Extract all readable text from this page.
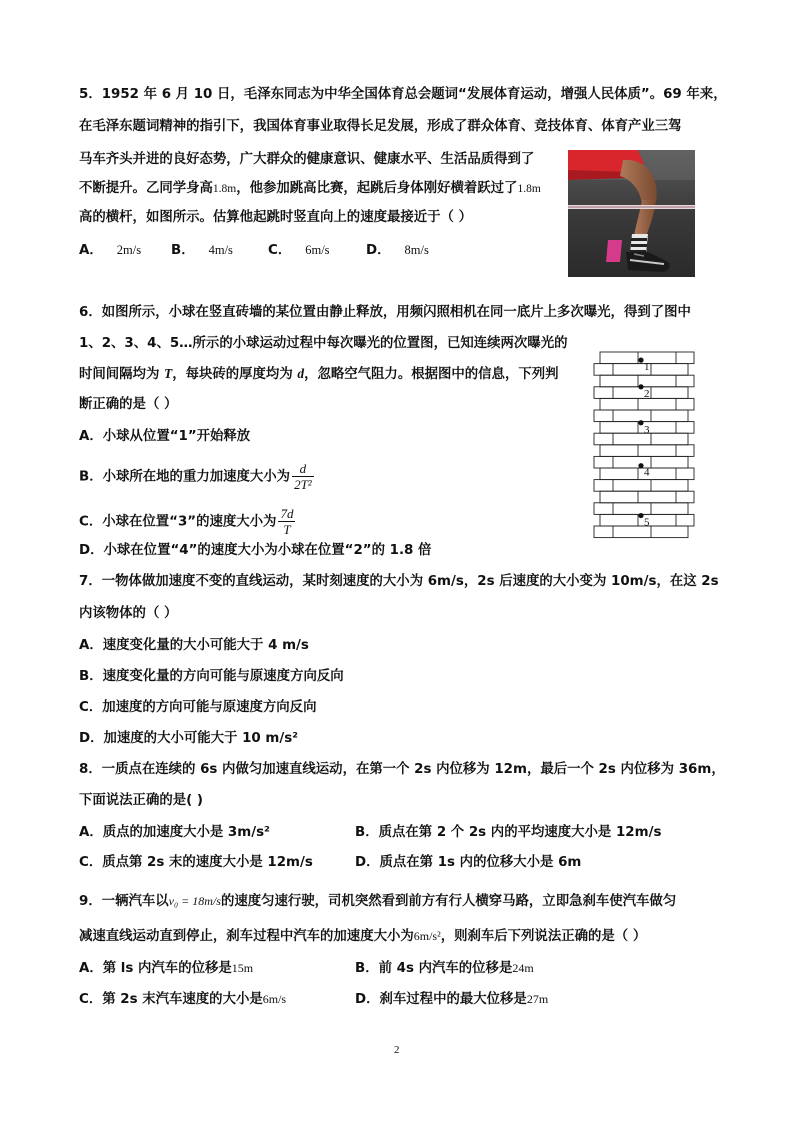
5．1952 年 6 月 10 日，毛泽东同志为中华全国体育总会题词“发展体育运动，增强人民体质”。69 年来，
在毛泽东题词精神的指引下，我国体育事业取得长足发展，形成了群众体育、竞技体育、体育产业三驾
马车齐头并进的良好态势，广大群众的健康意识、健康水平、生活品质得到了
不断提升。乙同学身高1.8m，他参加跳高比赛，起跳后身体刚好横着跃过了1.8m
高的横杆，如图所示。估算他起跳时竖直向上的速度最接近于（ ）
A． 2m/s B． 4m/s	C． 6m/s	D． 8m/s
6．如图所示，小球在竖直砖墙的某位置由静止释放，用频闪照相机在同一底片上多次曝光，得到了图中
1、2、3、4、5…所示的小球运动过程中每次曝光的位置图，已知连续两次曝光的
时间间隔均为 T，每块砖的厚度均为 d，忽略空气阻力。根据图中的信息，下列判
断正确的是（ ）
A．小球从位置“1”开始释放
B．小球所在地的重力加速度大小为 $\frac{d}{\text{2T²}}$
C．小球在位置“3”的速度大小为 $\frac{7d}{T}$
D．小球在位置“4”的速度大小为小球在位置“2”的 1.8 倍
1
2
3
4
5
7．一物体做加速度不变的直线运动，某时刻速度的大小为 6m/s，2s 后速度的大小变为 10m/s，在这 2s
内该物体的（ ）
A．速度变化量的大小可能大于 4 m/s
B．速度变化量的方向可能与原速度方向反向
C．加速度的方向可能与原速度方向反向
D．加速度的大小可能大于 10 m/s²
8．一质点在连续的 6s 内做匀加速直线运动，在第一个 2s 内位移为 12m，最后一个 2s 内位移为 36m，
下面说法正确的是( )
A．质点的加速度大小是 3m/s²	B．质点在第 2 个 2s 内的平均速度大小是 12m/s
C．质点第 2s 末的速度大小是 12m/s	D．质点在第 1s 内的位移大小是 6m
9．一辆汽车以v₀ = 18m/s的速度匀速行驶，司机突然看到前方有行人横穿马路，立即急刹车使汽车做匀
减速直线运动直到停止，刹车过程中汽车的加速度大小为6m/s²，则刹车后下列说法正确的是（ ）
A．第 ls 内汽车的位移是15m	B．前 4s 内汽车的位移是24m
C．第 2s 末汽车速度的大小是6m/s	D．刹车过程中的最大位移是27m
2
